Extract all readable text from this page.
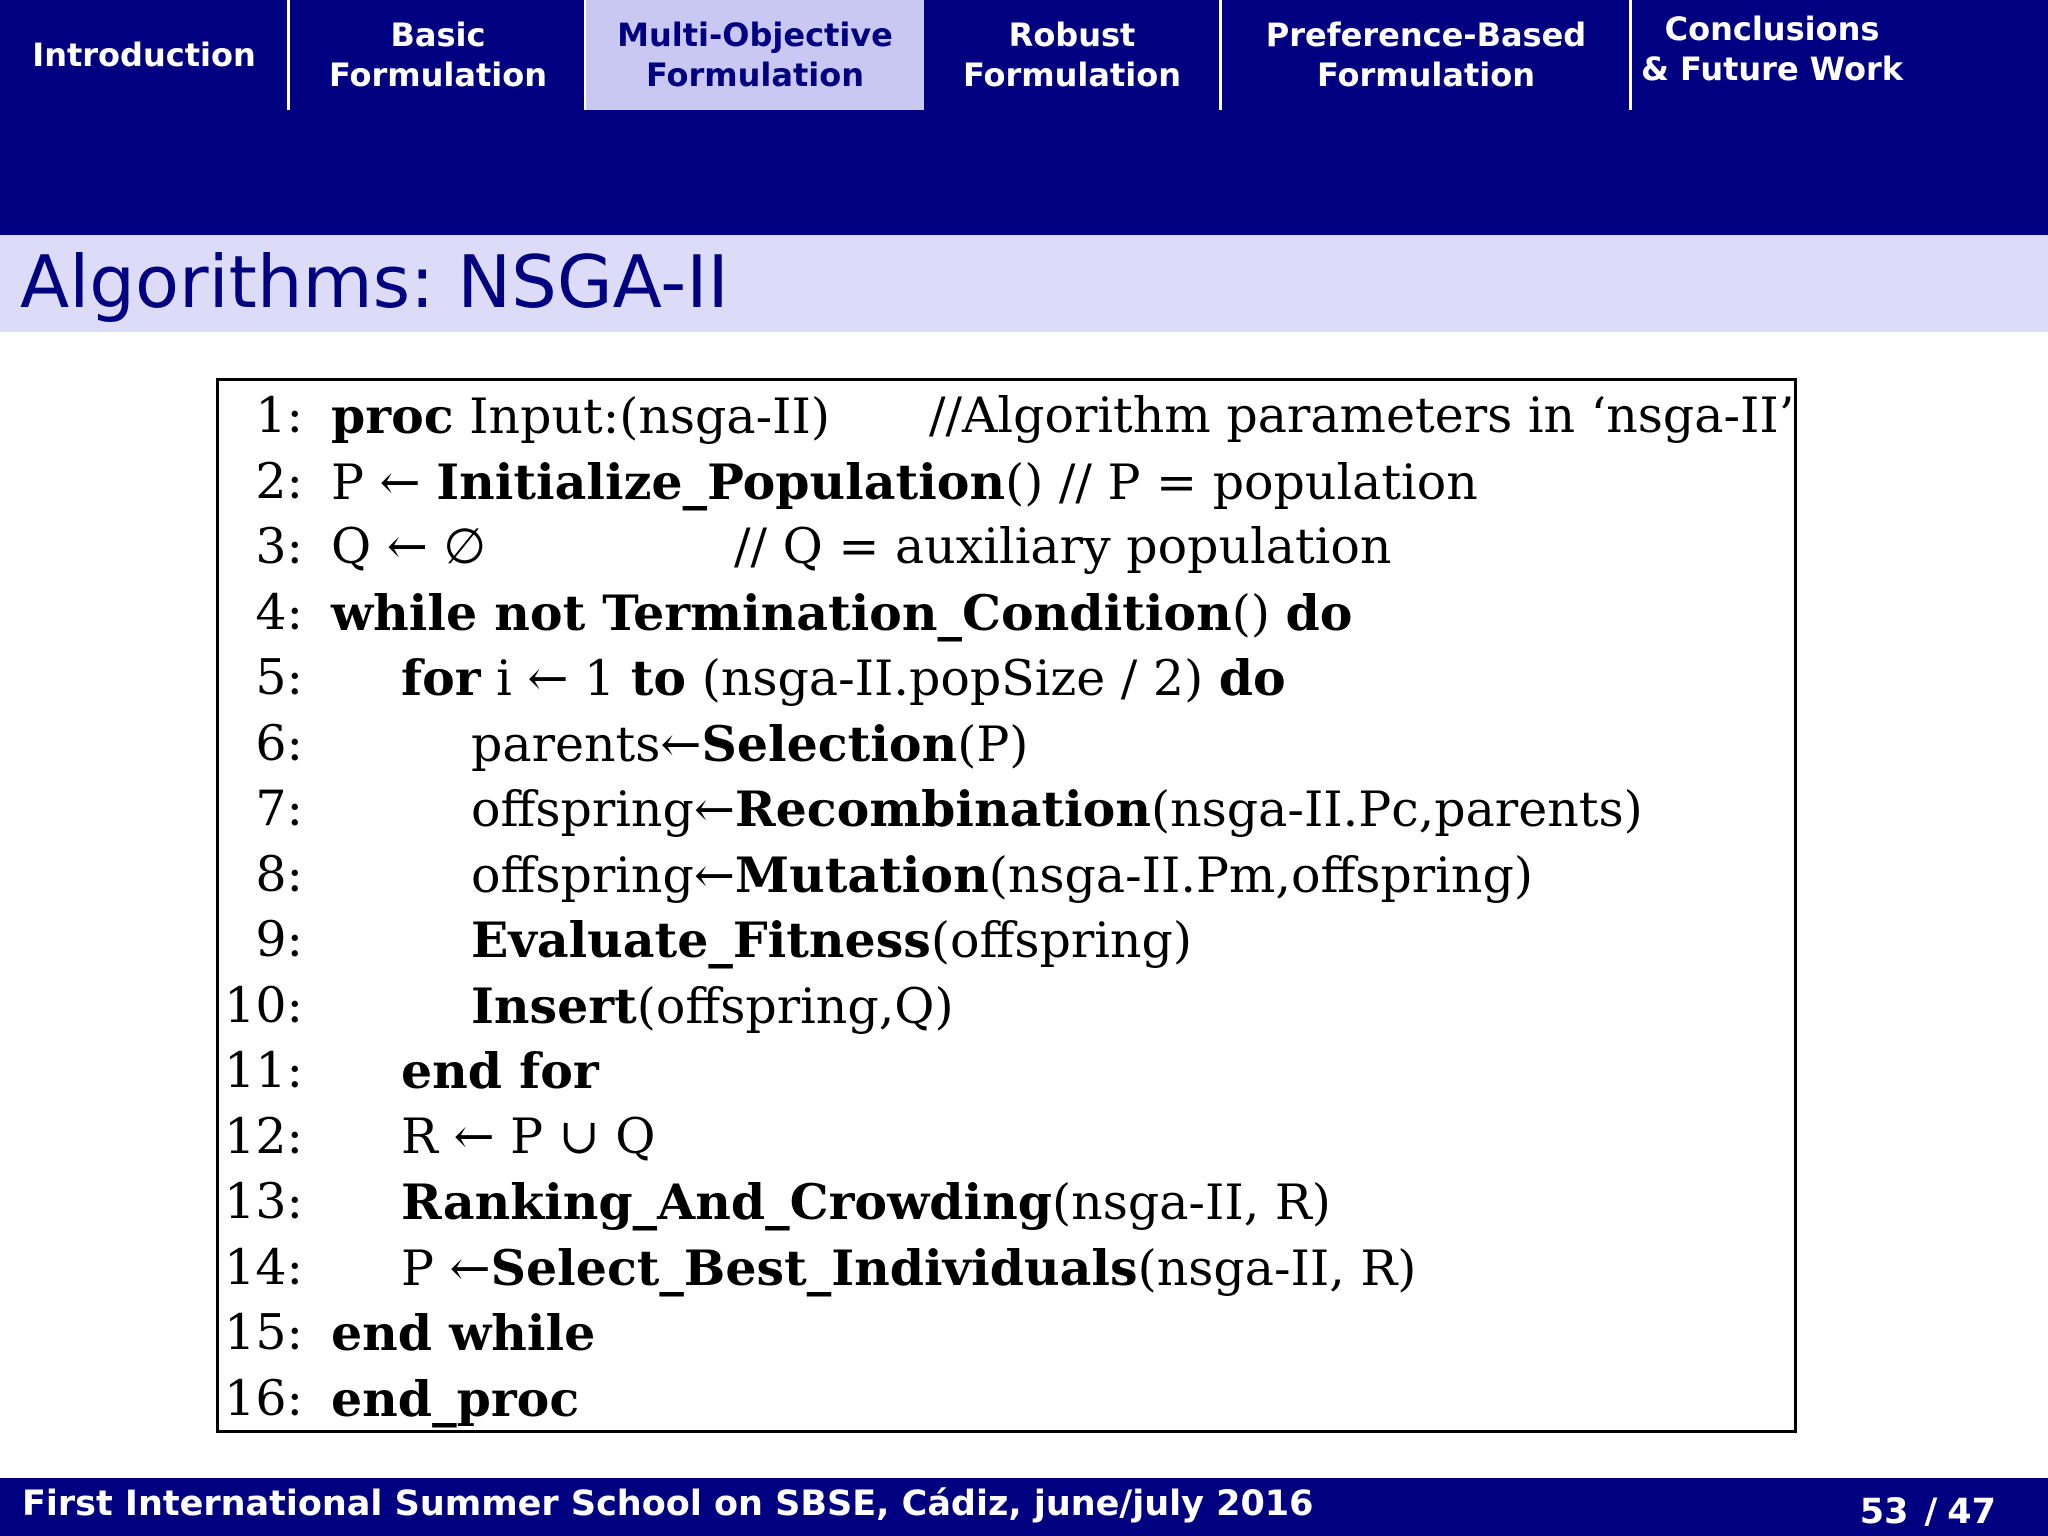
Introduction
Basic
Formulation
Multi-Objective
Formulation
Robust
Formulation
Preference-Based
Formulation
Conclusions
& Future Work
Algorithms: NSGA-II
1: proc Input:(nsga-II) //Algorithm parameters in ‘nsga-II’
2: P ← Initialize_Population() // P = population
3: Q ← ∅	// Q = auxiliary population
4: while not Termination_Condition() do
5: for i ← 1 to (nsga-II.popSize / 2) do
6:	parents←Selection(P)
7:	offspring←Recombination(nsga-II.Pc,parents)
8:	offspring←Mutation(nsga-II.Pm,offspring)
9:	Evaluate_Fitness(offspring)
10:	Insert(offspring,Q)
11: end for
12: R ← P ∪ Q
13: Ranking_And_Crowding(nsga-II, R)
14: P ←Select_Best_Individuals(nsga-II, R)
15: end while
16: end_proc
First International Summer School on SBSE, Cádiz, june/july 2016	53 / 47
